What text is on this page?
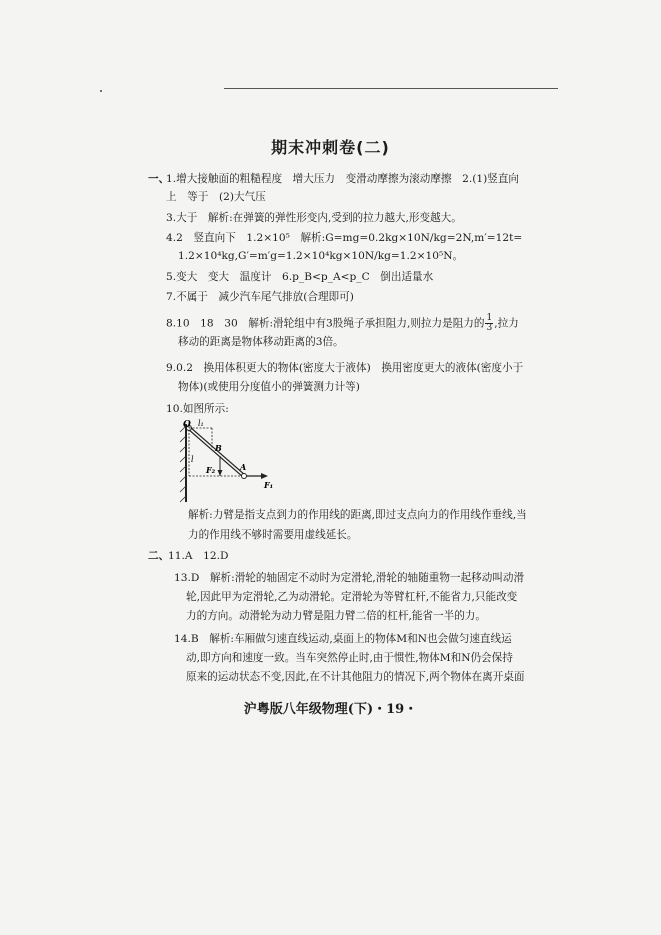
期末冲刺卷(二)
一、
1.增大接触面的粗糙程度　增大压力　变滑动摩擦为滚动摩擦　2.(1)竖直向
上　等于　(2)大气压
3.大于　解析:在弹簧的弹性形变内,受到的拉力越大,形变越大。
4.2　竖直向下　1.2×10⁵　解析:G=mg=0.2kg×10N/kg=2N,m′=12t=
1.2×10⁴kg,G′=m′g=1.2×10⁴kg×10N/kg=1.2×10⁵N。
5.变大　变大　温度计　6.p_B<p_A<p_C　倒出适量水
7.不属于　减少汽车尾气排放(合理即可)
8.10　18　30　解析:滑轮组中有3股绳子承担阻力,则拉力是阻力的 $\frac{1}{3}$ ,拉力
移动的距离是物体移动距离的3倍。
9.0.2　换用体积更大的物体(密度大于液体)　换用密度更大的液体(密度小于
物体)(或使用分度值小的弹簧测力计等)
10.如图所示:
O l₁
l
B
F₂	A
F₁
解析:力臂是指支点到力的作用线的距离,即过支点向力的作用线作垂线,当
力的作用线不够时需要用虚线延长。
二、
11.A　12.D
13.D　解析:滑轮的轴固定不动时为定滑轮,滑轮的轴随重物一起移动叫动滑
轮,因此甲为定滑轮,乙为动滑轮。定滑轮为等臂杠杆,不能省力,只能改变
力的方向。动滑轮为动力臂是阻力臂二倍的杠杆,能省一半的力。
14.B　解析:车厢做匀速直线运动,桌面上的物体M和N也会做匀速直线运
动,即方向和速度一致。当车突然停止时,由于惯性,物体M和N仍会保持
原来的运动状态不变,因此,在不计其他阻力的情况下,两个物体在离开桌面
沪粤版八年级物理(下)・19・
